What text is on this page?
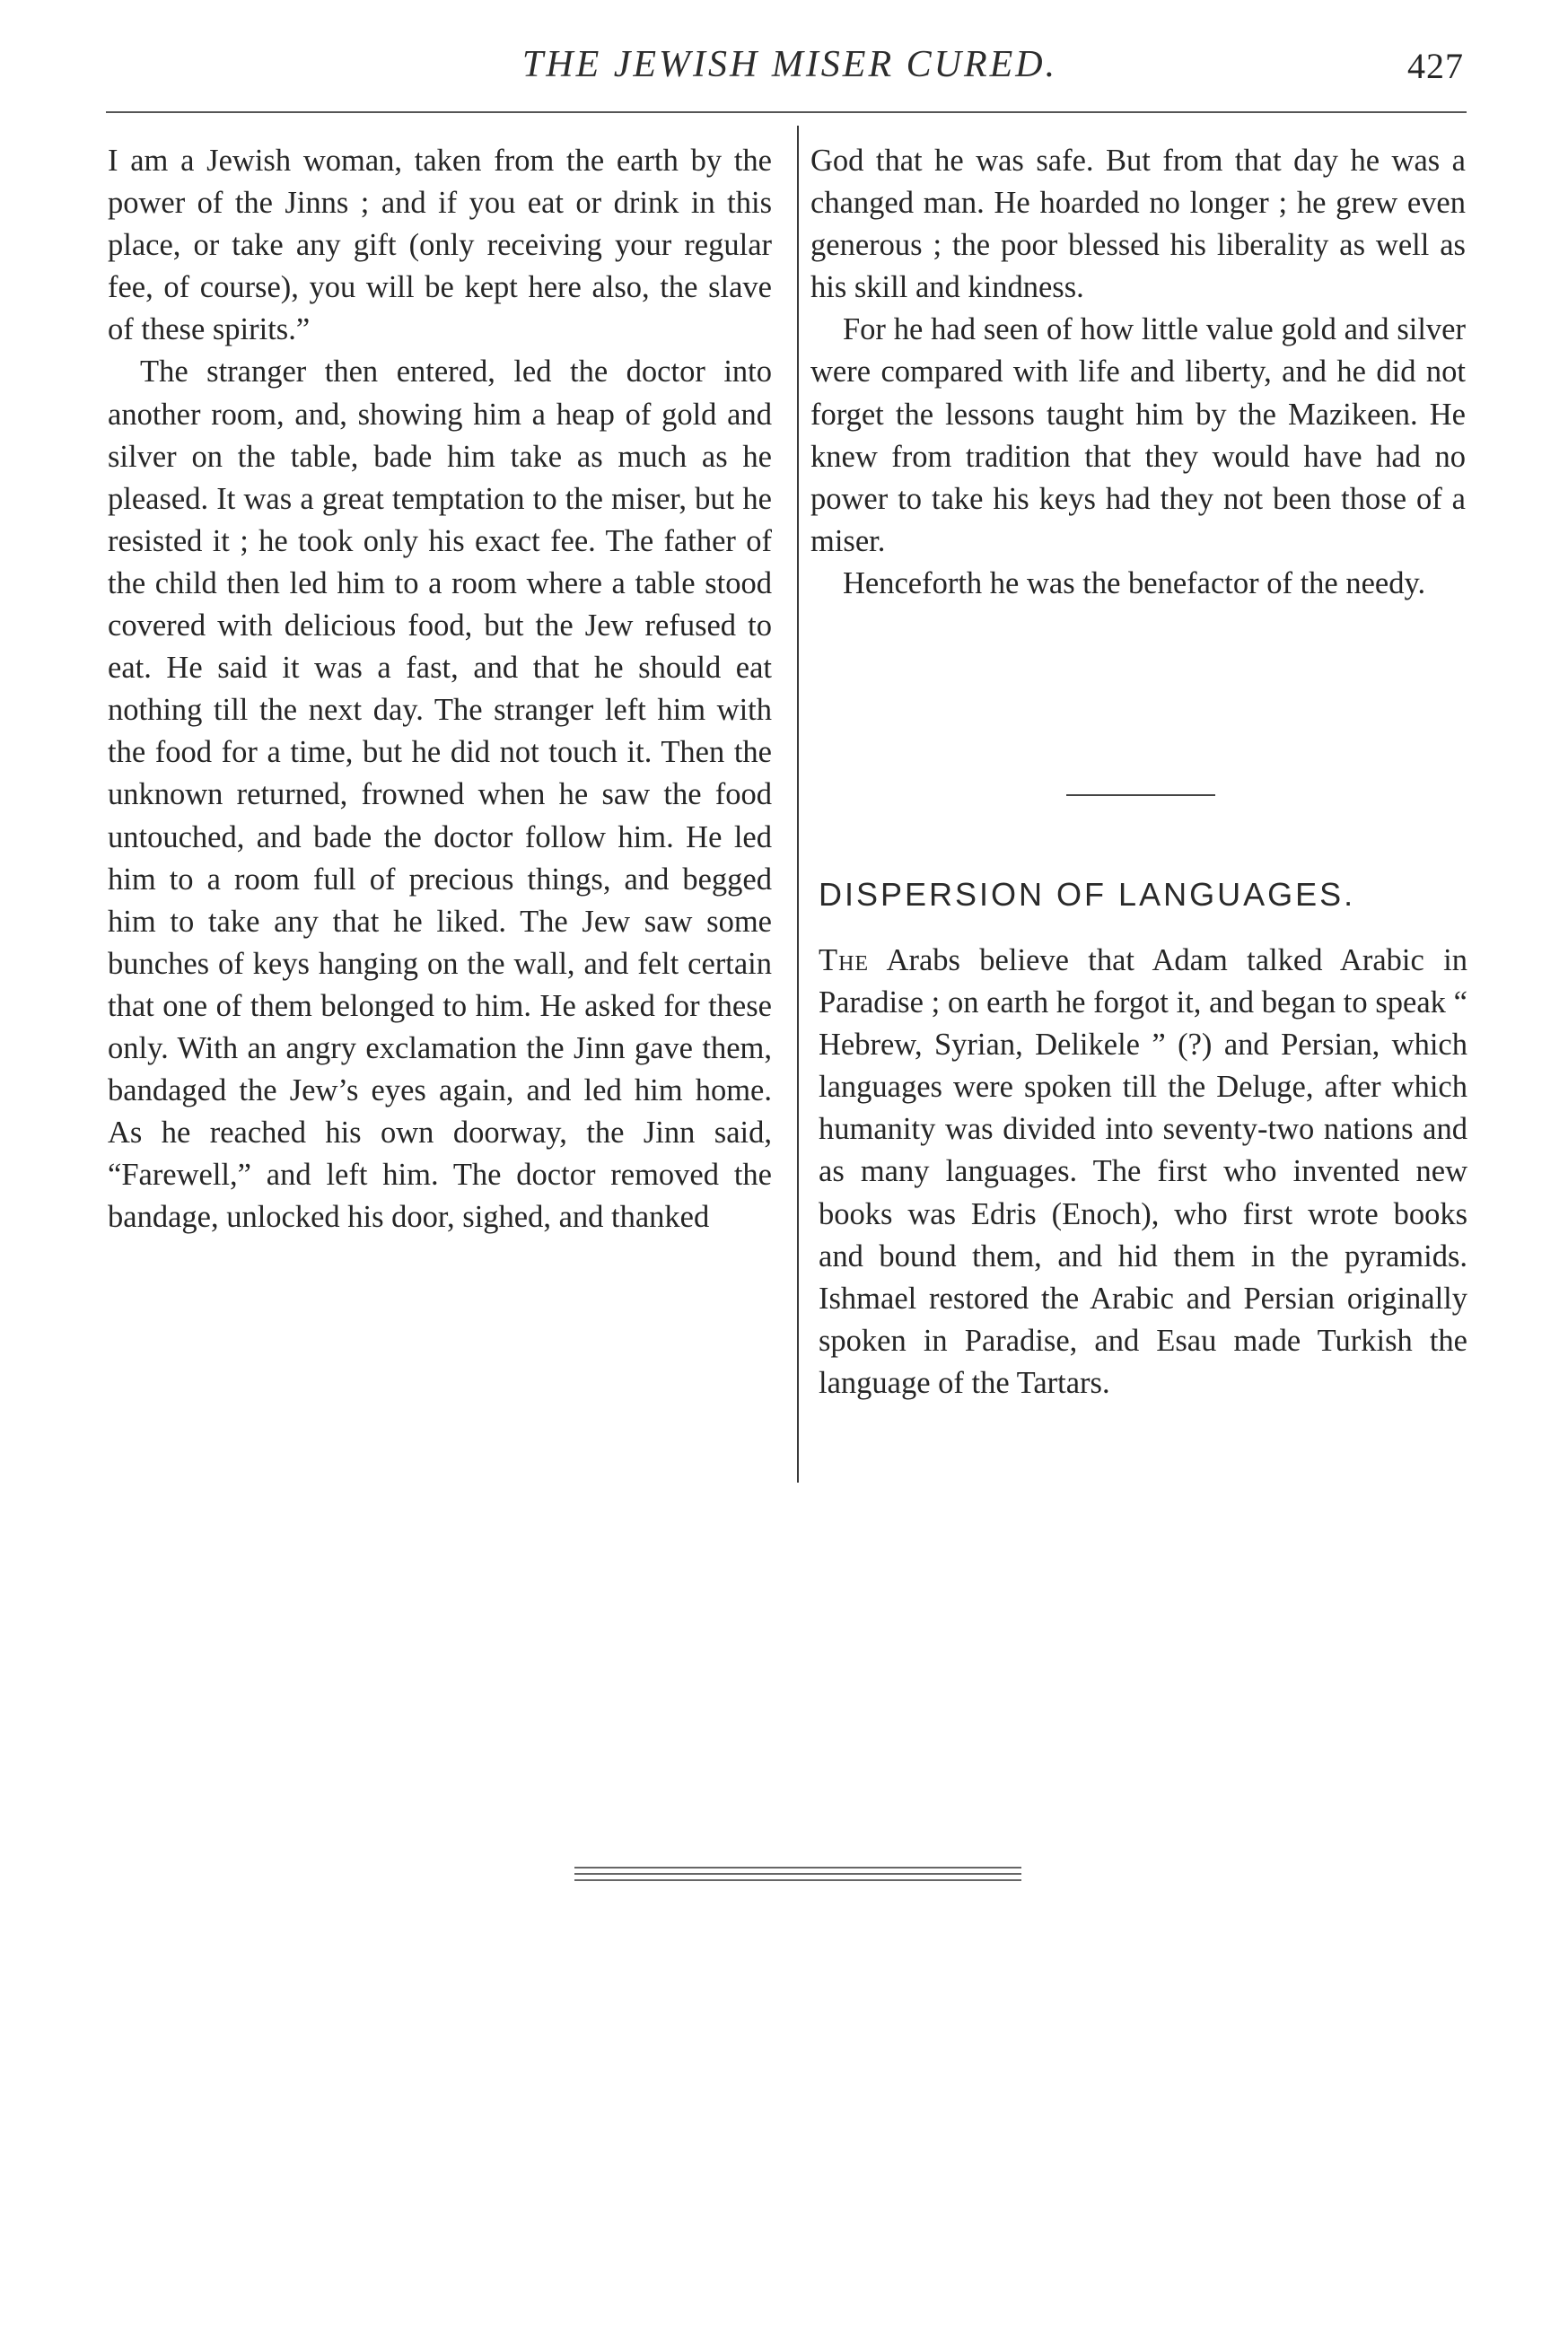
THE JEWISH MISER CURED.	427

I am a Jewish woman, taken from the earth by the power of the Jinns ; and if you eat or drink in this place, or take any gift (only receiving your regular fee, of course), you will be kept here also, the slave of these spirits.”

The stranger then entered, led the doctor into another room, and, showing him a heap of gold and silver on the table, bade him take as much as he pleased. It was a great temptation to the miser, but he resisted it ; he took only his exact fee. The father of the child then led him to a room where a table stood covered with delicious food, but the Jew refused to eat. He said it was a fast, and that he should eat nothing till the next day. The stranger left him with the food for a time, but he did not touch it. Then the unknown returned, frowned when he saw the food untouched, and bade the doctor follow him. He led him to a room full of precious things, and begged him to take any that he liked. The Jew saw some bunches of keys hanging on the wall, and felt certain that one of them belonged to him. He asked for these only. With an angry exclamation the Jinn gave them, bandaged the Jew’s eyes again, and led him home. As he reached his own doorway, the Jinn said, “Farewell,” and left him. The doctor removed the bandage, unlocked his door, sighed, and thanked

God that he was safe. But from that day he was a changed man. He hoarded no longer ; he grew even generous ; the poor blessed his liberality as well as his skill and kindness.

For he had seen of how little value gold and silver were compared with life and liberty, and he did not forget the lessons taught him by the Mazikeen. He knew from tradition that they would have had no power to take his keys had they not been those of a miser.

Henceforth he was the benefactor of the needy.

DISPERSION OF LANGUAGES.

The Arabs believe that Adam talked Arabic in Paradise ; on earth he forgot it, and began to speak “ Hebrew, Syrian, Delikele ” (?) and Persian, which languages were spoken till the Deluge, after which humanity was divided into seventy-two nations and as many languages. The first who invented new books was Edris (Enoch), who first wrote books and bound them, and hid them in the pyramids. Ishmael restored the Arabic and Persian originally spoken in Paradise, and Esau made Turkish the language of the Tartars.
